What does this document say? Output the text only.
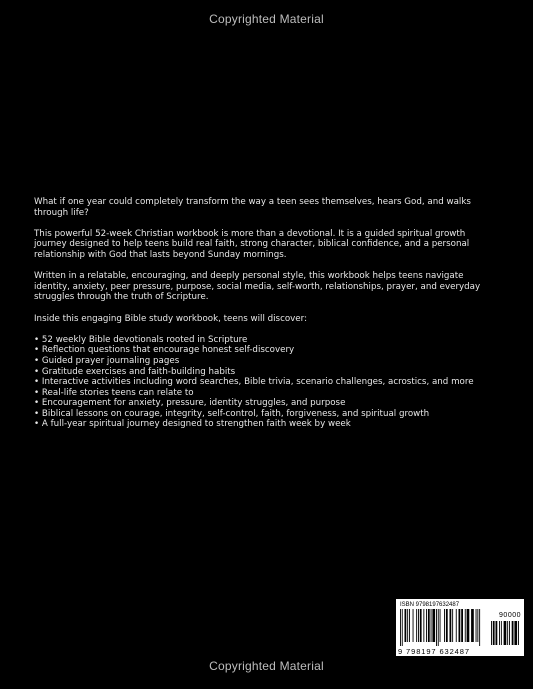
Copyrighted Material

What if one year could completely transform the way a teen sees themselves, hears God, and walks through life?

This powerful 52-week Christian workbook is more than a devotional. It is a guided spiritual growth journey designed to help teens build real faith, strong character, biblical confidence, and a personal relationship with God that lasts beyond Sunday mornings.

Written in a relatable, encouraging, and deeply personal style, this workbook helps teens navigate identity, anxiety, peer pressure, purpose, social media, self-worth, relationships, prayer, and everyday struggles through the truth of Scripture.

Inside this engaging Bible study workbook, teens will discover:

• 52 weekly Bible devotionals rooted in Scripture
• Reflection questions that encourage honest self-discovery
• Guided prayer journaling pages
• Gratitude exercises and faith-building habits
• Interactive activities including word searches, Bible trivia, scenario challenges, acrostics, and more
• Real-life stories teens can relate to
• Encouragement for anxiety, pressure, identity struggles, and purpose
• Biblical lessons on courage, integrity, self-control, faith, forgiveness, and spiritual growth
• A full-year spiritual journey designed to strengthen faith week by week
ISBN 9798197632487
90000
9 798197 632487
Copyrighted Material
